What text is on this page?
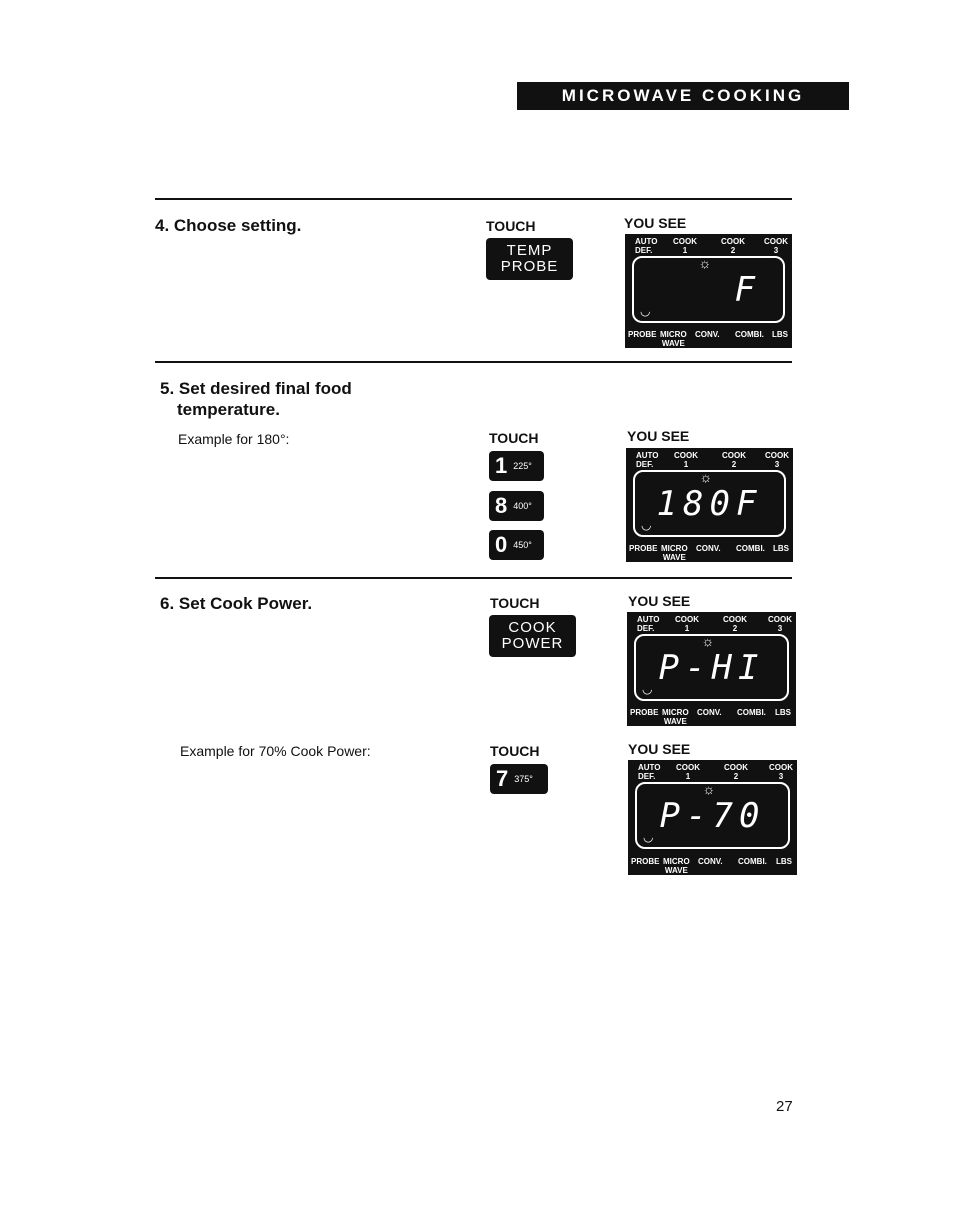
MICROWAVE COOKING
4. Choose setting.	TOUCH	YOU SEE
TEMP
PROBE
AUTO
DEF.
COOK
1
COOK
2
COOK
3
☼
F
◡
PROBE MICRO
WAVE
CONV. COMBI. LBS
5. Set desired final food
temperature.
Example for 180°:	TOUCH	YOU SEE
1 225°
8 400°
0 450°
AUTO
DEF.
COOK
1
COOK
2
COOK
3
☼
180F
◡
PROBE MICRO
WAVE
CONV. COMBI. LBS
6. Set Cook Power.	TOUCH	YOU SEE
COOK
POWER
AUTO
DEF.
COOK
1
COOK
2
COOK
3
☼
P-HI
◡
PROBE MICRO
WAVE
CONV. COMBI. LBS
Example for 70% Cook Power:	TOUCH	YOU SEE
7 375°
AUTO
DEF.
COOK
1
COOK
2
COOK
3
☼
P-70
◡
PROBE MICRO
WAVE
CONV. COMBI. LBS
27
